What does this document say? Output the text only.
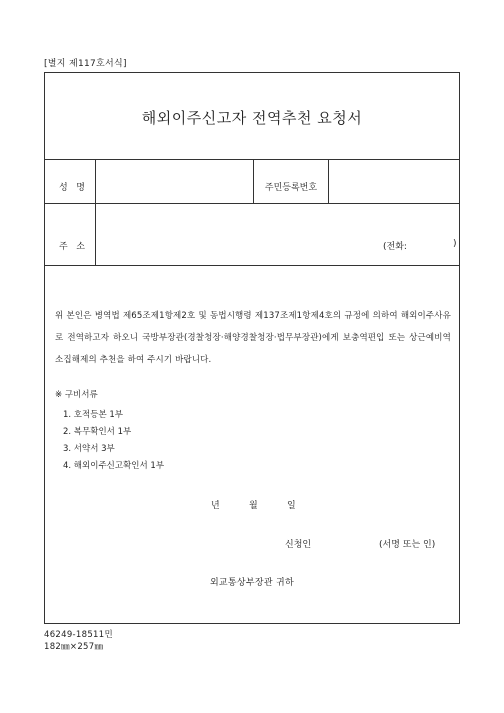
[별지 제117호서식]
해외이주신고자 전역추천 요청서
성   명	주민등록번호
주   소	(전화:	)
위 본인은 병역법 제65조제1항제2호 및 동법시행령 제137조제1항제4호의 규정에 의하여 해외이주사유로 전역하고자 하오니 국방부장관(경찰청장·해양경찰청장·법무부장관)에게 보충역편입 또는 상근예비역 소집해제의 추천을 하여 주시기 바랍니다.
※ 구비서류
1. 호적등본 1부
2. 복무확인서 1부
3. 서약서 3부
4. 해외이주신고확인서 1부
년	월	일
신청인	(서명 또는 인)
외교통상부장관 귀하
46249-18511민
182㎜×257㎜
